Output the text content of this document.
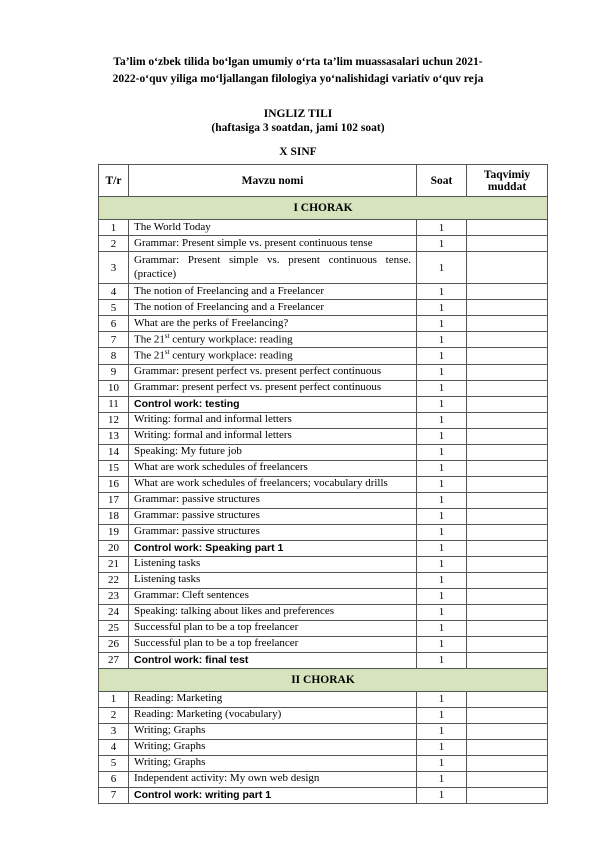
Ta’lim o‘zbek tilida bo‘lgan umumiy o‘rta ta’lim muassasalari uchun 2021-
2022-o‘quv yiliga mo‘ljallangan filologiya yo‘nalishidagi variativ o‘quv reja
INGLIZ TILI
(haftasiga 3 soatdan, jami 102 soat)
X SINF
T/r	Mavzu nomi	Soat	Taqvimiy muddat
I CHORAK			
1	The World Today	1	
2	Grammar: Present simple vs. present continuous tense	1	
3	Grammar: Present simple vs. present continuous tense. (practice)	1	
4	The notion of Freelancing and a Freelancer	1	
5	The notion of Freelancing and a Freelancer	1	
6	What are the perks of Freelancing?	1	
7	The 21st century workplace: reading	1	
8	The 21st century workplace: reading	1	
9	Grammar: present perfect vs. present perfect continuous	1	
10	Grammar: present perfect vs. present perfect continuous	1	
11	Control work: testing	1	
12	Writing: formal and informal letters	1	
13	Writing: formal and informal letters	1	
14	Speaking: My future job	1	
15	What are work schedules of freelancers	1	
16	What are work schedules of freelancers; vocabulary drills	1	
17	Grammar: passive structures	1	
18	Grammar: passive structures	1	
19	Grammar: passive structures	1	
20	Control work: Speaking part 1	1	
21	Listening tasks	1	
22	Listening tasks	1	
23	Grammar: Cleft sentences	1	
24	Speaking: talking about likes and preferences	1	
25	Successful plan to be a top freelancer	1	
26	Successful plan to be a top freelancer	1	
27	Control work: final test	1	
II CHORAK			
1	Reading: Marketing	1	
2	Reading: Marketing (vocabulary)	1	
3	Writing; Graphs	1	
4	Writing; Graphs	1	
5	Writing; Graphs	1	
6	Independent activity: My own web design	1	
7	Control work: writing part 1	1	
